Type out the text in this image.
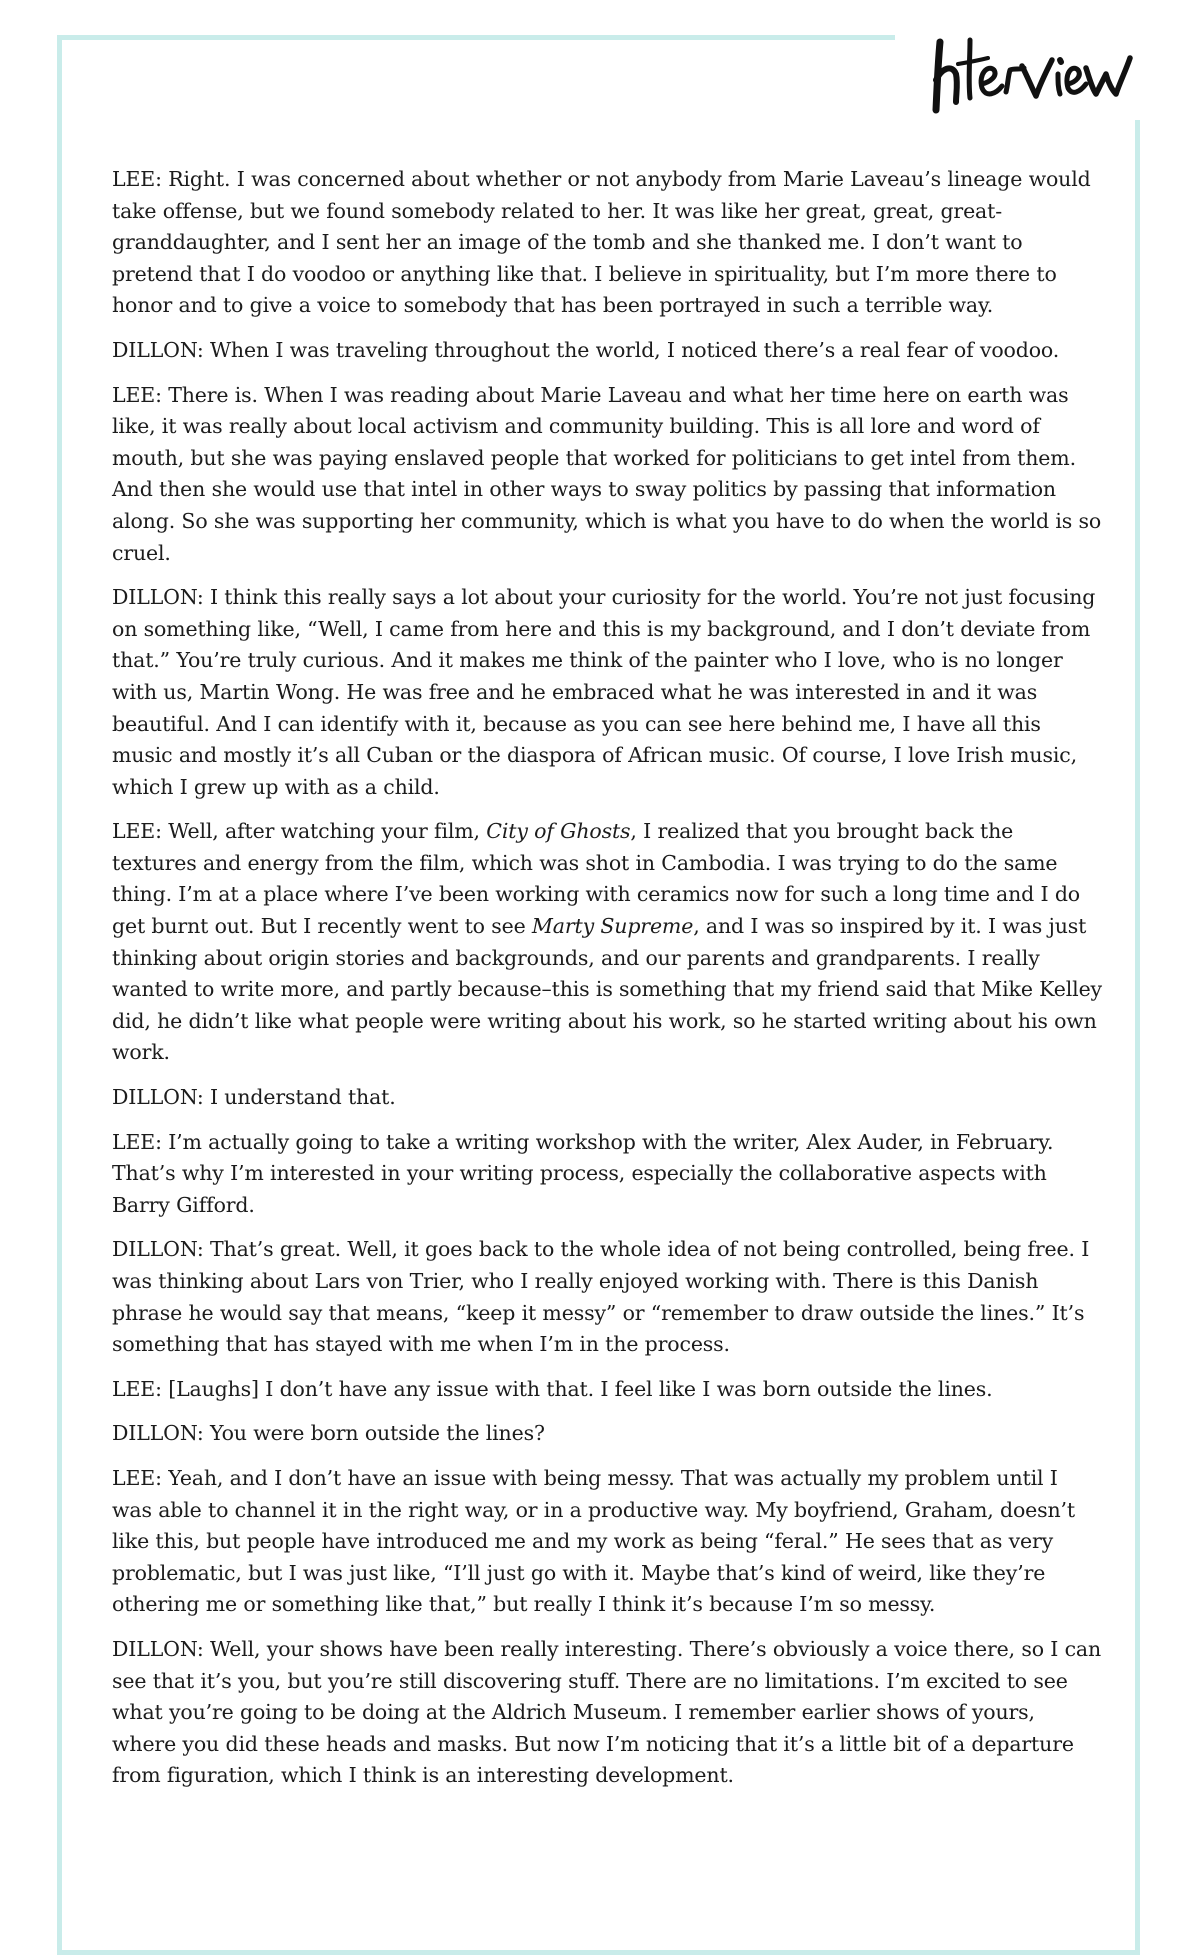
Interview

LEE: Right. I was concerned about whether or not anybody from Marie Laveau’s lineage would take offense, but we found somebody related to her. It was like her great, great, great-granddaughter, and I sent her an image of the tomb and she thanked me. I don’t want to pretend that I do voodoo or anything like that. I believe in spirituality, but I’m more there to honor and to give a voice to somebody that has been portrayed in such a terrible way.

DILLON: When I was traveling throughout the world, I noticed there’s a real fear of voodoo.

LEE: There is. When I was reading about Marie Laveau and what her time here on earth was like, it was really about local activism and community building. This is all lore and word of mouth, but she was paying enslaved people that worked for politicians to get intel from them. And then she would use that intel in other ways to sway politics by passing that information along. So she was supporting her community, which is what you have to do when the world is so cruel.

DILLON: I think this really says a lot about your curiosity for the world. You’re not just focusing on something like, “Well, I came from here and this is my background, and I don’t deviate from that.” You’re truly curious. And it makes me think of the painter who I love, who is no longer with us, Martin Wong. He was free and he embraced what he was interested in and it was beautiful. And I can identify with it, because as you can see here behind me, I have all this music and mostly it’s all Cuban or the diaspora of African music. Of course, I love Irish music, which I grew up with as a child.

LEE: Well, after watching your film, City of Ghosts, I realized that you brought back the textures and energy from the film, which was shot in Cambodia. I was trying to do the same thing. I’m at a place where I’ve been working with ceramics now for such a long time and I do get burnt out. But I recently went to see Marty Supreme, and I was so inspired by it. I was just thinking about origin stories and backgrounds, and our parents and grandparents. I really wanted to write more, and partly because–this is something that my friend said that Mike Kelley did, he didn’t like what people were writing about his work, so he started writing about his own work.

DILLON: I understand that.

LEE: I’m actually going to take a writing workshop with the writer, Alex Auder, in February. That’s why I’m interested in your writing process, especially the collaborative aspects with Barry Gifford.

DILLON: That’s great. Well, it goes back to the whole idea of not being controlled, being free. I was thinking about Lars von Trier, who I really enjoyed working with. There is this Danish phrase he would say that means, “keep it messy” or “remember to draw outside the lines.” It’s something that has stayed with me when I’m in the process.

LEE: [Laughs] I don’t have any issue with that. I feel like I was born outside the lines.

DILLON: You were born outside the lines?

LEE: Yeah, and I don’t have an issue with being messy. That was actually my problem until I was able to channel it in the right way, or in a productive way. My boyfriend, Graham, doesn’t like this, but people have introduced me and my work as being “feral.” He sees that as very problematic, but I was just like, “I’ll just go with it. Maybe that’s kind of weird, like they’re othering me or something like that,” but really I think it’s because I’m so messy.

DILLON: Well, your shows have been really interesting. There’s obviously a voice there, so I can see that it’s you, but you’re still discovering stuff. There are no limitations. I’m excited to see what you’re going to be doing at the Aldrich Museum. I remember earlier shows of yours, where you did these heads and masks. But now I’m noticing that it’s a little bit of a departure from figuration, which I think is an interesting development.
